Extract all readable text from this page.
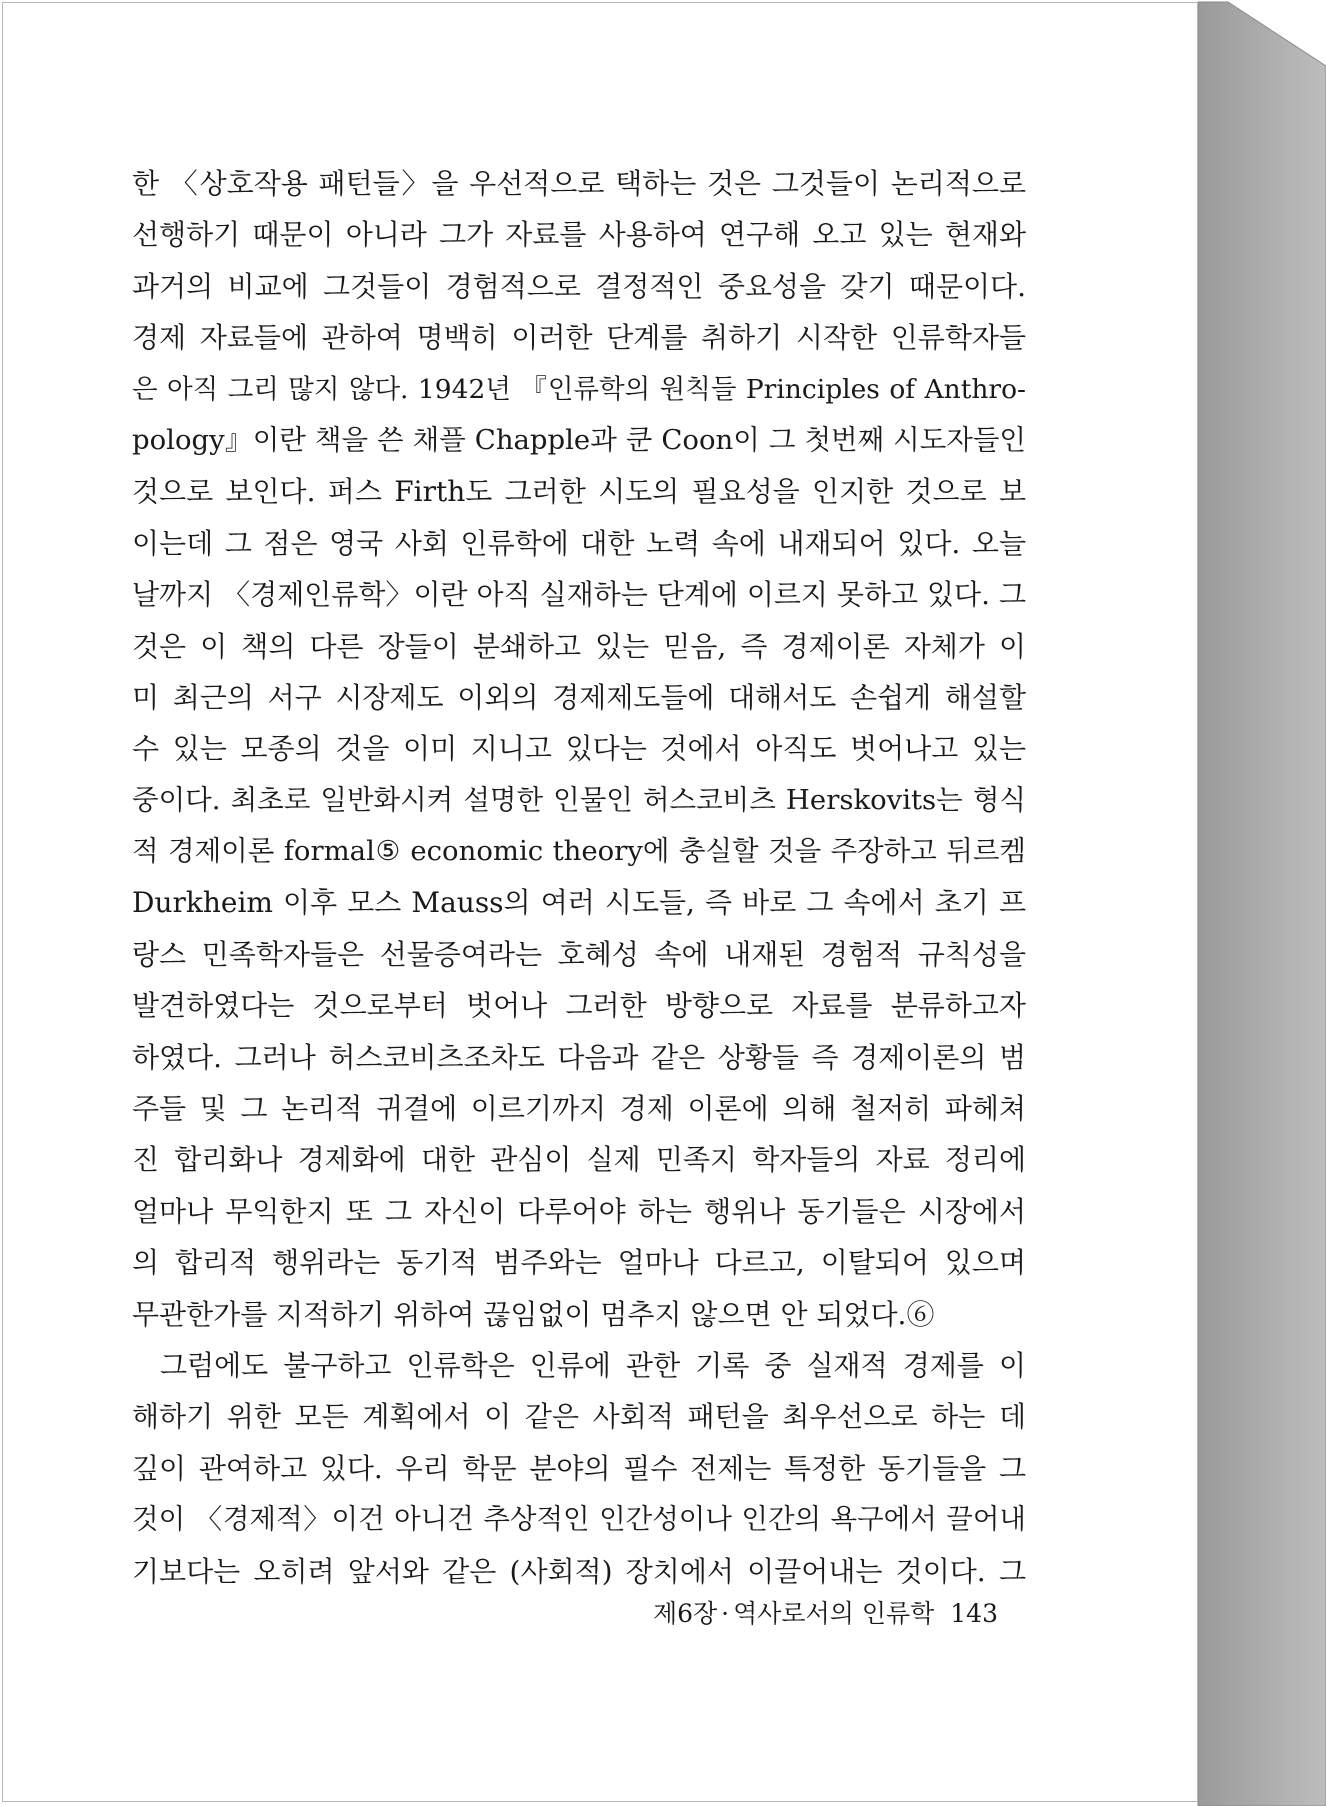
한 〈상호작용 패턴들〉을 우선적으로 택하는 것은 그것들이 논리적으로
선행하기 때문이 아니라 그가 자료를 사용하여 연구해 오고 있는 현재와
과거의 비교에 그것들이 경험적으로 결정적인 중요성을 갖기 때문이다.
경제 자료들에 관하여 명백히 이러한 단계를 취하기 시작한 인류학자들
은 아직 그리 많지 않다. 1942년 『인류학의 원칙들 Principles of Anthro-
pology』이란 책을 쓴 채플 Chapple과 쿤 Coon이 그 첫번째 시도자들인
것으로 보인다. 퍼스 Firth도 그러한 시도의 필요성을 인지한 것으로 보
이는데 그 점은 영국 사회 인류학에 대한 노력 속에 내재되어 있다. 오늘
날까지 〈경제인류학〉이란 아직 실재하는 단계에 이르지 못하고 있다. 그
것은 이 책의 다른 장들이 분쇄하고 있는 믿음, 즉 경제이론 자체가 이
미 최근의 서구 시장제도 이외의 경제제도들에 대해서도 손쉽게 해설할
수 있는 모종의 것을 이미 지니고 있다는 것에서 아직도 벗어나고 있는
중이다. 최초로 일반화시켜 설명한 인물인 허스코비츠 Herskovits는 형식
적 경제이론 formal⑤ economic theory에 충실할 것을 주장하고 뒤르켐
Durkheim 이후 모스 Mauss의 여러 시도들, 즉 바로 그 속에서 초기 프
랑스 민족학자들은 선물증여라는 호혜성 속에 내재된 경험적 규칙성을
발견하였다는 것으로부터 벗어나 그러한 방향으로 자료를 분류하고자
하였다. 그러나 허스코비츠조차도 다음과 같은 상황들 즉 경제이론의 범
주들 및 그 논리적 귀결에 이르기까지 경제 이론에 의해 철저히 파헤쳐
진 합리화나 경제화에 대한 관심이 실제 민족지 학자들의 자료 정리에
얼마나 무익한지 또 그 자신이 다루어야 하는 행위나 동기들은 시장에서
의 합리적 행위라는 동기적 범주와는 얼마나 다르고, 이탈되어 있으며
무관한가를 지적하기 위하여 끊임없이 멈추지 않으면 안 되었다.⑥
그럼에도 불구하고 인류학은 인류에 관한 기록 중 실재적 경제를 이
해하기 위한 모든 계획에서 이 같은 사회적 패턴을 최우선으로 하는 데
깊이 관여하고 있다. 우리 학문 분야의 필수 전제는 특정한 동기들을 그
것이 〈경제적〉이건 아니건 추상적인 인간성이나 인간의 욕구에서 끌어내
기보다는 오히려 앞서와 같은 (사회적) 장치에서 이끌어내는 것이다. 그
제6장 · 역사로서의 인류학 143
